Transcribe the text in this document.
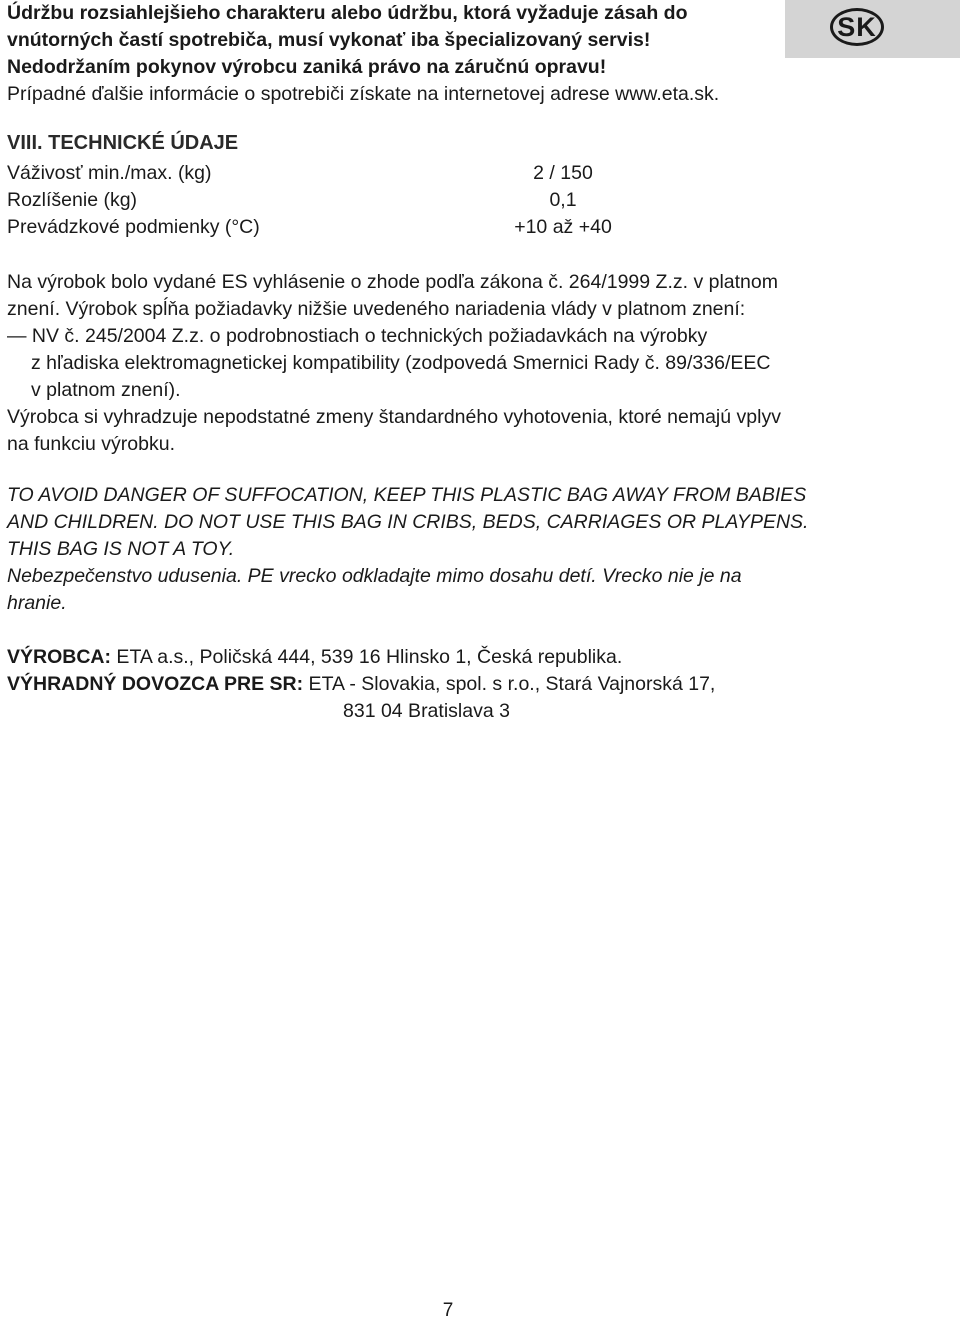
SK
Údržbu rozsiahlejšieho charakteru alebo údržbu, ktorá vyžaduje zásah do
vnútorných častí spotrebiča, musí vykonať iba špecializovaný servis!
Nedodržaním pokynov výrobcu zaniká právo na záručnú opravu!
Prípadné ďalšie informácie o spotrebiči získate na internetovej adrese www.eta.sk.
VIII. TECHNICKÉ ÚDAJE
Váživosť min./max. (kg)	2 / 150
Rozlíšenie (kg)	0,1
Prevádzkové podmienky (°C)	+10 až +40
Na výrobok bolo vydané ES vyhlásenie o zhode podľa zákona č. 264/1999 Z.z. v platnom
znení. Výrobok spĺňa požiadavky nižšie uvedeného nariadenia vlády v platnom znení:
— NV č. 245/2004 Z.z. o podrobnostiach o technických požiadavkách na výrobky
z hľadiska elektromagnetickej kompatibility (zodpovedá Smernici Rady č. 89/336/EEC
v platnom znení).
Výrobca si vyhradzuje nepodstatné zmeny štandardného vyhotovenia, ktoré nemajú vplyv
na funkciu výrobku.
TO AVOID DANGER OF SUFFOCATION, KEEP THIS PLASTIC BAG AWAY FROM BABIES
AND CHILDREN. DO NOT USE THIS BAG IN CRIBS, BEDS, CARRIAGES OR PLAYPENS.
THIS BAG IS NOT A TOY.
Nebezpečenstvo udusenia. PE vrecko odkladajte mimo dosahu detí. Vrecko nie je na
hranie.
VÝROBCA: ETA a.s., Poličská 444, 539 16 Hlinsko 1, Česká republika.
VÝHRADNÝ DOVOZCA PRE SR: ETA - Slovakia, spol. s r.o., Stará Vajnorská 17,
831 04 Bratislava 3
7
